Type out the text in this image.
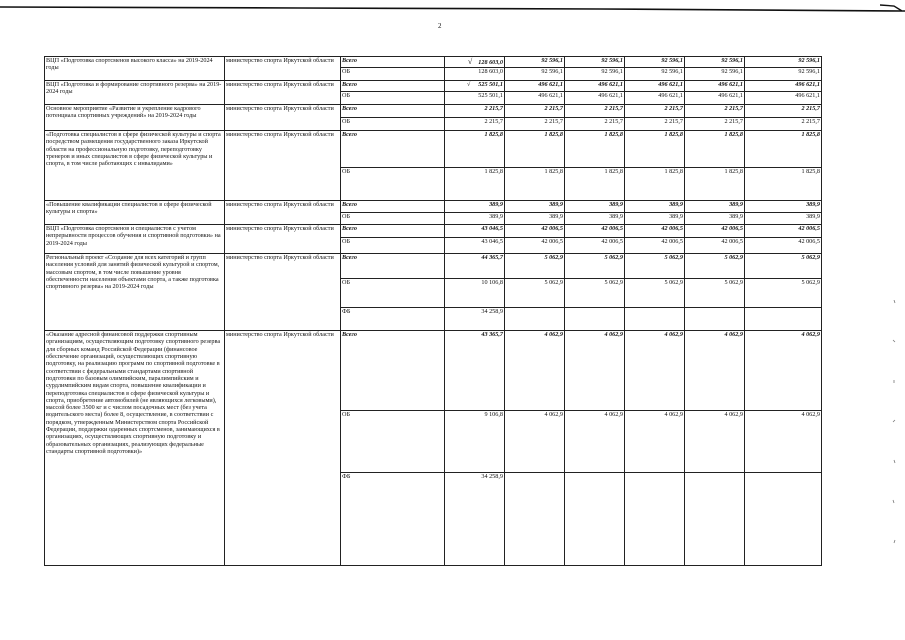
2
ВЦП «Подготовка спортсменов высокого класса» на 2019-2024 годы	министерство спорта Иркутской области	Всего	√ 128 603,0	92 596,1	92 596,1	92 596,1	92 596,1	92 596,1
		ОБ	128 603,0	92 596,1	92 596,1	92 596,1	92 596,1	92 596,1
ВЦП «Подготовка и формирование спортивного резерва» на 2019-2024 годы	министерство спорта Иркутской области	Всего	√ 525 501,1	496 621,1	496 621,1	496 621,1	496 621,1	496 621,1
		ОБ	525 501,1	496 621,1	496 621,1	496 621,1	496 621,1	496 621,1
Основное мероприятие «Развитие и укрепление кадрового потенциала спортивных учреждений» на 2019-2024 годы	министерство спорта Иркутской области	Всего	2 215,7	2 215,7	2 215,7	2 215,7	2 215,7	2 215,7
		ОБ	2 215,7	2 215,7	2 215,7	2 215,7	2 215,7	2 215,7
«Подготовка специалистов в сфере физической культуры и спорта посредством размещения государственного заказа Иркутской области на профессиональную подготовку, переподготовку тренеров и иных специалистов в сфере физической культуры и спорта, в том числе работающих с инвалидами»	министерство спорта Иркутской области	Всего	1 825,8	1 825,8	1 825,8	1 825,8	1 825,8	1 825,8
		ОБ	1 825,8	1 825,8	1 825,8	1 825,8	1 825,8	1 825,8
«Повышение квалификации специалистов в сфере физической культуры и спорта»	министерство спорта Иркутской области	Всего	389,9	389,9	389,9	389,9	389,9	389,9
		ОБ	389,9	389,9	389,9	389,9	389,9	389,9
ВЦП «Подготовка спортсменов и специалистов с учетом непрерывности процессов обучения и спортивной подготовки» на 2019-2024 годы	министерство спорта Иркутской области	Всего	43 046,5	42 006,5	42 006,5	42 006,5	42 006,5	42 006,5
		ОБ	43 046,5	42 006,5	42 006,5	42 006,5	42 006,5	42 006,5
Региональный проект «Создание для всех категорий и групп населения условий для занятий физической культурой и спортом, массовым спортом, в том числе повышение уровня обеспеченности населения объектами спорта, а также подготовка спортивного резерва» на 2019-2024 годы	министерство спорта Иркутской области	Всего	44 365,7	5 062,9	5 062,9	5 062,9	5 062,9	5 062,9
		ОБ	10 106,8	5 062,9	5 062,9	5 062,9	5 062,9	5 062,9
		ФБ	34 258,9					
«Оказание адресной финансовой поддержки спортивным организациям, осуществляющим подготовку спортивного резерва для сборных команд Российской Федерации (финансовое обеспечение организаций, осуществляющих спортивную подготовку, на реализацию программ по спортивной подготовке в соответствии с федеральными стандартами спортивной подготовки по базовым олимпийским, паралимпийским и сурдлимпийским видам спорта, повышение квалификации и переподготовка специалистов в сфере физической культуры и спорта, приобретение автомобилей (не являющихся легковыми), массой более 3500 кг и с числом посадочных мест (без учета водительского места) более 8, осуществление, в соответствии с порядком, утвержденным Министерством спорта Российской Федерации, поддержки одаренных спортсменов, занимающихся в организациях, осуществляющих спортивную подготовку и образовательных организациях, реализующих федеральные стандарты спортивной подготовки)»	министерство спорта Иркутской области	Всего	43 365,7	4 062,9	4 062,9	4 062,9	4 062,9	4 062,9
		ОБ	9 106,8	4 062,9	4 062,9	4 062,9	4 062,9	4 062,9
		ФБ	34 258,9					
